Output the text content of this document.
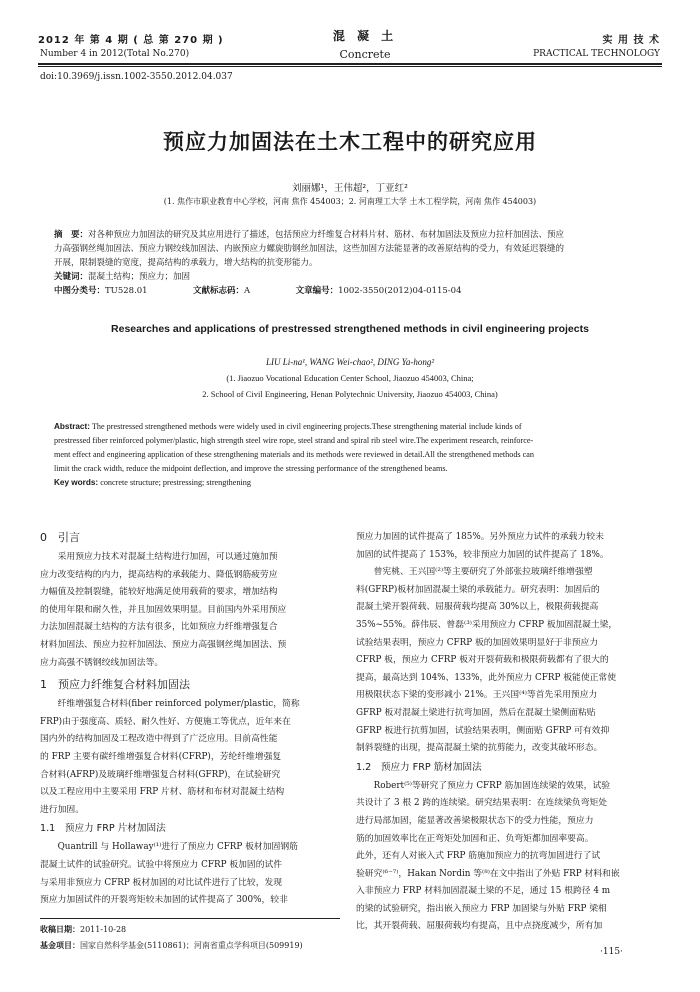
2012 年 第 4 期 ( 总 第 270 期 )
Number 4 in 2012(Total No.270)
混 凝 土
Concrete
实 用 技 术
PRACTICAL TECHNOLOGY
doi:10.3969/j.issn.1002-3550.2012.04.037
预应力加固法在土木工程中的研究应用
刘丽娜¹，王伟超²，丁亚红²
(1. 焦作市职业教育中心学校，河南 焦作 454003；2. 河南理工大学 土木工程学院，河南 焦作 454003)
摘　要：对各种预应力加固法的研究及其应用进行了描述，包括预应力纤维复合材料片材、筋材、布材加固法及预应力拉杆加固法、预应
力高强钢丝绳加固法、预应力钢绞线加固法、内嵌预应力螺旋肋钢丝加固法，这些加固方法能显著的改善原结构的受力，有效延迟裂缝的
开展，限制裂缝的宽度，提高结构的承载力，增大结构的抗变形能力。
关键词：混凝土结构；预应力；加固
中图分类号：TU528.01	文献标志码：A	文章编号：1002-3550(2012)04-0115-04
Researches and applications of prestressed strengthened methods in civil engineering projects
LIU Li-na¹, WANG Wei-chao², DING Ya-hong²
(1. Jiaozuo Vocational Education Center School, Jiaozuo 454003, China;
2. School of Civil Engineering, Henan Polytechnic University, Jiaozuo 454003, China)
Abstract: The prestressed strengthened methods were widely used in civil engineering projects.These strengthening material include kinds of
prestressed fiber reinforced polymer/plastic, high strength steel wire rope, steel strand and spiral rib steel wire.The experiment research, reinforce-
ment effect and engineering application of these strengthening materials and its methods were reviewed in detail.All the strengthened methods can
limit the crack width, reduce the midpoint deflection, and improve the stressing performance of the strengthened beams.
Key words: concrete structure; prestressing; strengthening
0　引言

采用预应力技术对混凝土结构进行加固，可以通过施加预

应力改变结构的内力，提高结构的承载能力、降低钢筋疲劳应

力幅值及控制裂缝，能较好地满足使用载荷的要求，增加结构

的使用年限和耐久性，并且加固效果明显。目前国内外采用预应

力法加固混凝土结构的方法有很多，比如预应力纤维增强复合

材料加固法、预应力拉杆加固法、预应力高强钢丝绳加固法、预

应力高强不锈钢绞线加固法等。

1　预应力纤维复合材料加固法

纤维增强复合材料(fiber reinforced polymer/plastic，简称

FRP)由于强度高、质轻、耐久性好、方便施工等优点，近年来在

国内外的结构加固及工程改造中得到了广泛应用。目前高性能

的 FRP 主要有碳纤维增强复合材料(CFRP)，芳纶纤维增强复

合材料(AFRP)及玻璃纤维增强复合材料(GFRP)，在试验研究

以及工程应用中主要采用 FRP 片材、筋材和布材对混凝土结构

进行加固。

1.1　预应力 FRP 片材加固法

Quantrill 与 Hollaway⁽¹⁾进行了预应力 CFRP 板材加固钢筋

混凝土试件的试验研究。试验中将预应力 CFRP 板加固的试件

与采用非预应力 CFRP 板材加固的对比试件进行了比较，发现

预应力加固试件的开裂弯矩较未加固的试件提高了 300%，较非

收稿日期：2011-10-28
基金项目：国家自然科学基金(5110861)；河南省重点学科项目(509919)

预应力加固的试件提高了 185%。另外预应力试件的承载力较未

加固的试件提高了 153%，较非预应力加固的试件提高了 18%。

曾宪桃、王兴国⁽²⁾等主要研究了外部张拉玻璃纤维增强塑

料(GFRP)板材加固混凝土梁的承载能力。研究表明：加固后的

混凝土梁开裂荷载、屈服荷载均提高 30%以上，极限荷载提高

35%~55%。薛伟辰、曾磊⁽³⁾采用预应力 CFRP 板加固混凝土梁，

试验结果表明，预应力 CFRP 板的加固效果明显好于非预应力

CFRP 板，预应力 CFRP 板对开裂荷载和极限荷载都有了很大的

提高，最高达到 104%、133%，此外预应力 CFRP 板能使正常使

用极限状态下梁的变形减小 21%。王兴国⁽⁴⁾等首先采用预应力

GFRP 板对混凝土梁进行抗弯加固，然后在混凝土梁侧面粘贴

GFRP 板进行抗剪加固，试验结果表明，侧面贴 GFRP 可有效抑

制斜裂缝的出现，提高混凝土梁的抗剪能力，改变其破坏形态。

1.2　预应力 FRP 筋材加固法

Robert⁽⁵⁾等研究了预应力 CFRP 筋加固连续梁的效果，试验

共设计了 3 根 2 跨的连续梁。研究结果表明：在连续梁负弯矩处

进行局部加固，能显著改善梁极限状态下的受力性能，预应力

筋的加固效率比在正弯矩处加固和正、负弯矩都加固率要高。

此外，还有人对嵌入式 FRP 筋施加预应力的抗弯加固进行了试

验研究⁽⁶⁻⁷⁾，Hakan Nordin 等⁽⁸⁾在文中指出了外贴 FRP 材料和嵌

入非预应力 FRP 材料加固混凝土梁的不足，通过 15 根跨径 4 m

的梁的试验研究，指出嵌入预应力 FRP 加固梁与外贴 FRP 梁相

比，其开裂荷载、屈服荷载均有提高，且中点挠度减少，所有加

·115·
